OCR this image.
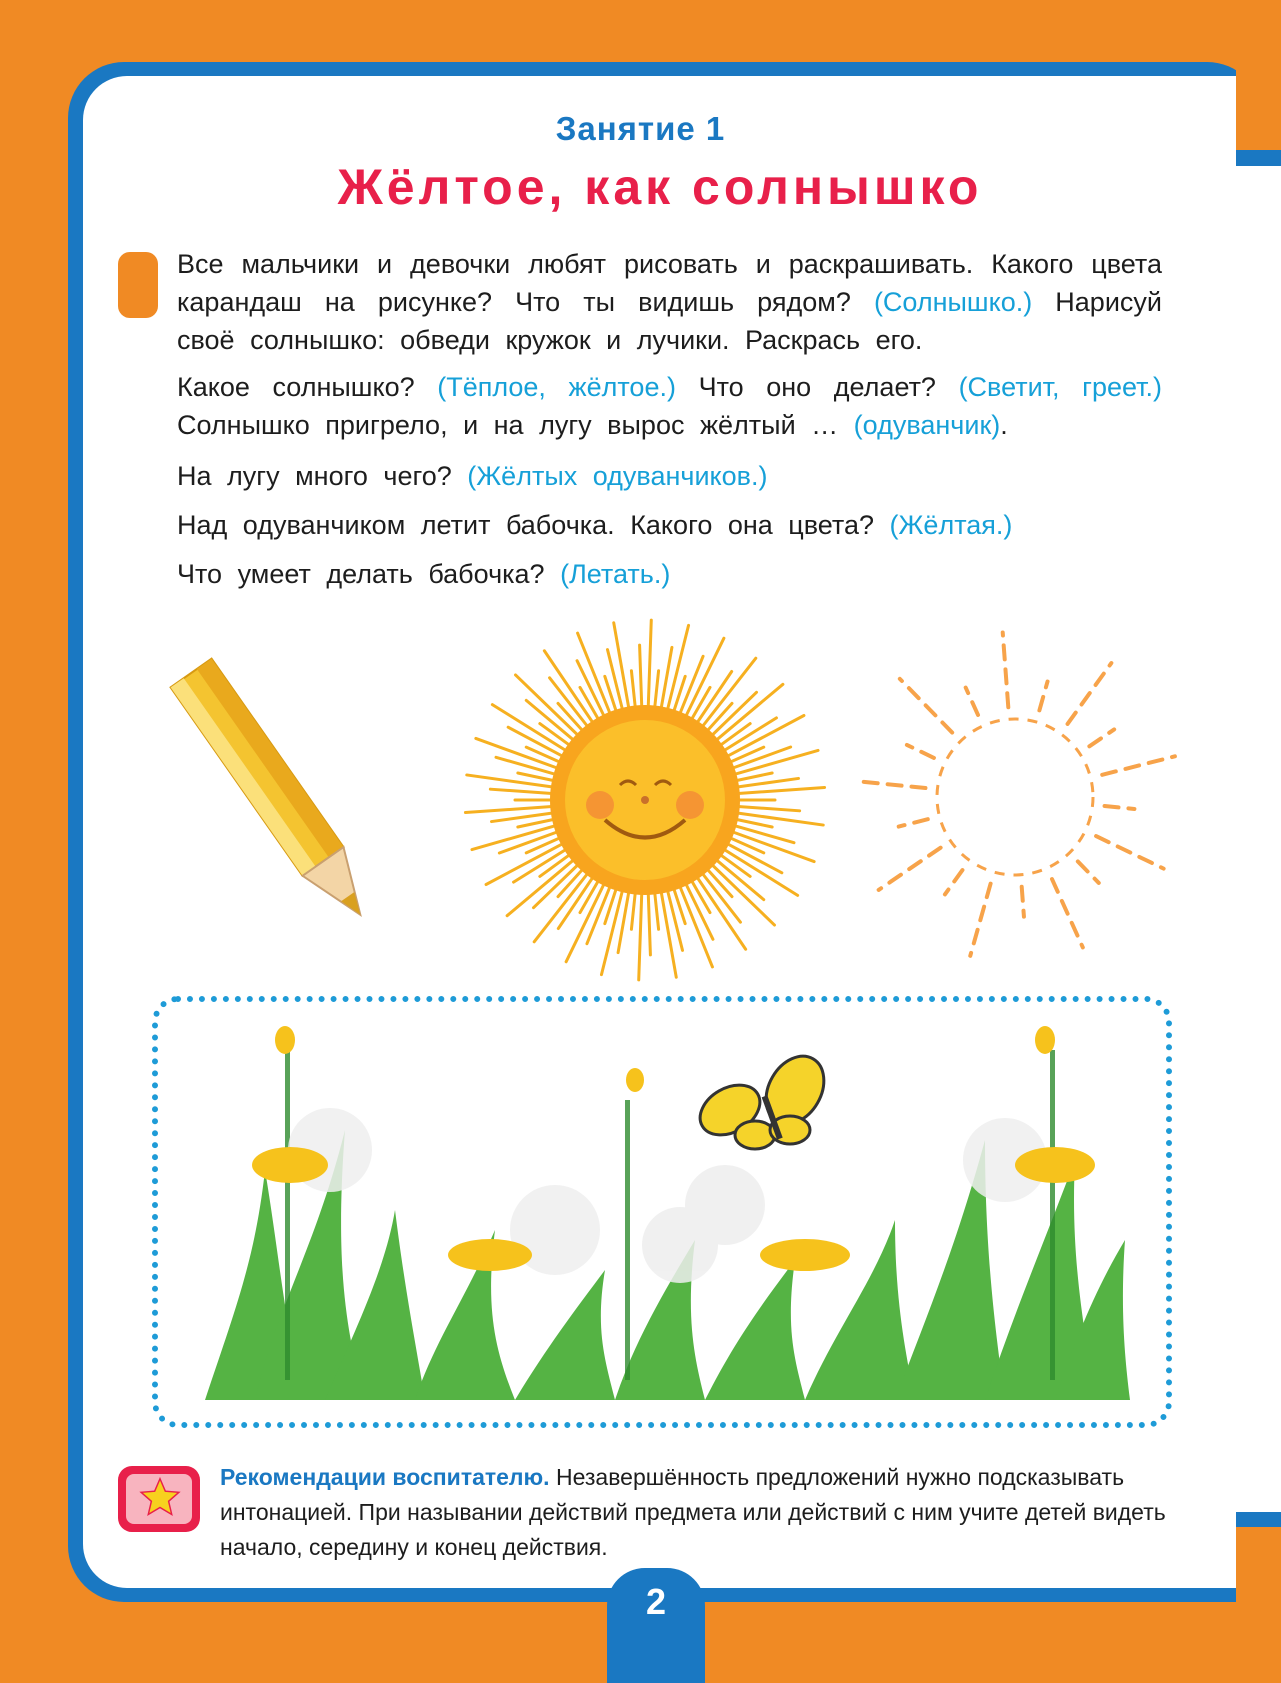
Занятие 1
Жёлтое, как солнышко

Все мальчики и девочки любят рисовать и раскрашивать. Какого цвета карандаш на рисунке? Что ты видишь рядом? (Солнышко.) Нарисуй своё солнышко: обведи кружок и лучики. Раскрась его.

Какое солнышко? (Тёплое, жёлтое.) Что оно делает? (Светит, греет.) Солнышко пригрело, и на лугу вырос жёлтый … (одуванчик).

На лугу много чего? (Жёлтых одуванчиков.)

Над одуванчиком летит бабочка. Какого она цвета? (Жёлтая.)

Что умеет делать бабочка? (Летать.)

Рекомендации воспитателю. Незавершённость предложений нужно подсказывать интонацией. При назывании действий предмета или действий с ним учите детей видеть начало, середину и конец действия.

2
